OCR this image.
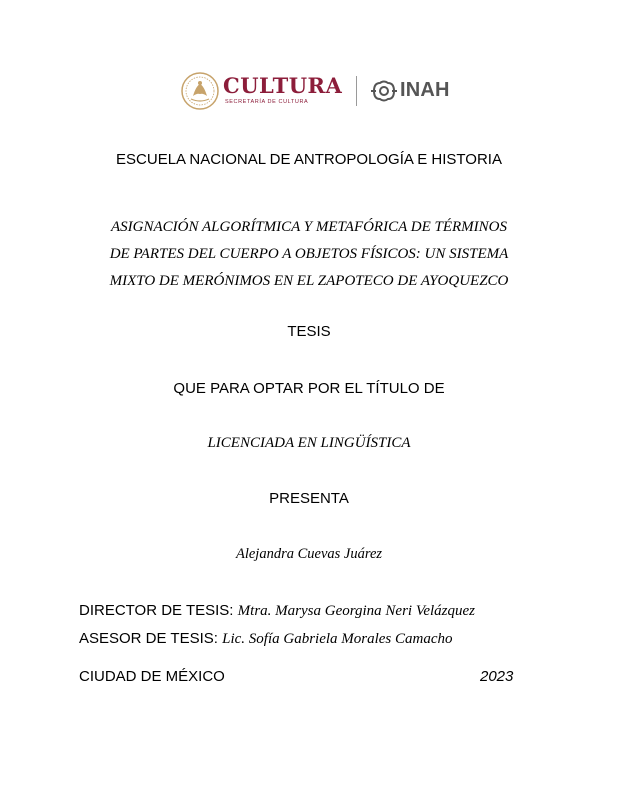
CULTURA
SECRETARÍA DE CULTURA
INAH
ESCUELA NACIONAL DE ANTROPOLOGÍA E HISTORIA
ASIGNACIÓN ALGORÍTMICA Y METAFÓRICA DE TÉRMINOS
DE PARTES DEL CUERPO A OBJETOS FÍSICOS: UN SISTEMA
MIXTO DE MERÓNIMOS EN EL ZAPOTECO DE AYOQUEZCO
TESIS
QUE PARA OPTAR POR EL TÍTULO DE
LICENCIADA EN LINGÜÍSTICA
PRESENTA
Alejandra Cuevas Juárez
DIRECTOR DE TESIS: Mtra. Marysa Georgina Neri Velázquez
ASESOR DE TESIS: Lic. Sofía Gabriela Morales Camacho
CIUDAD DE MÉXICO	2023
